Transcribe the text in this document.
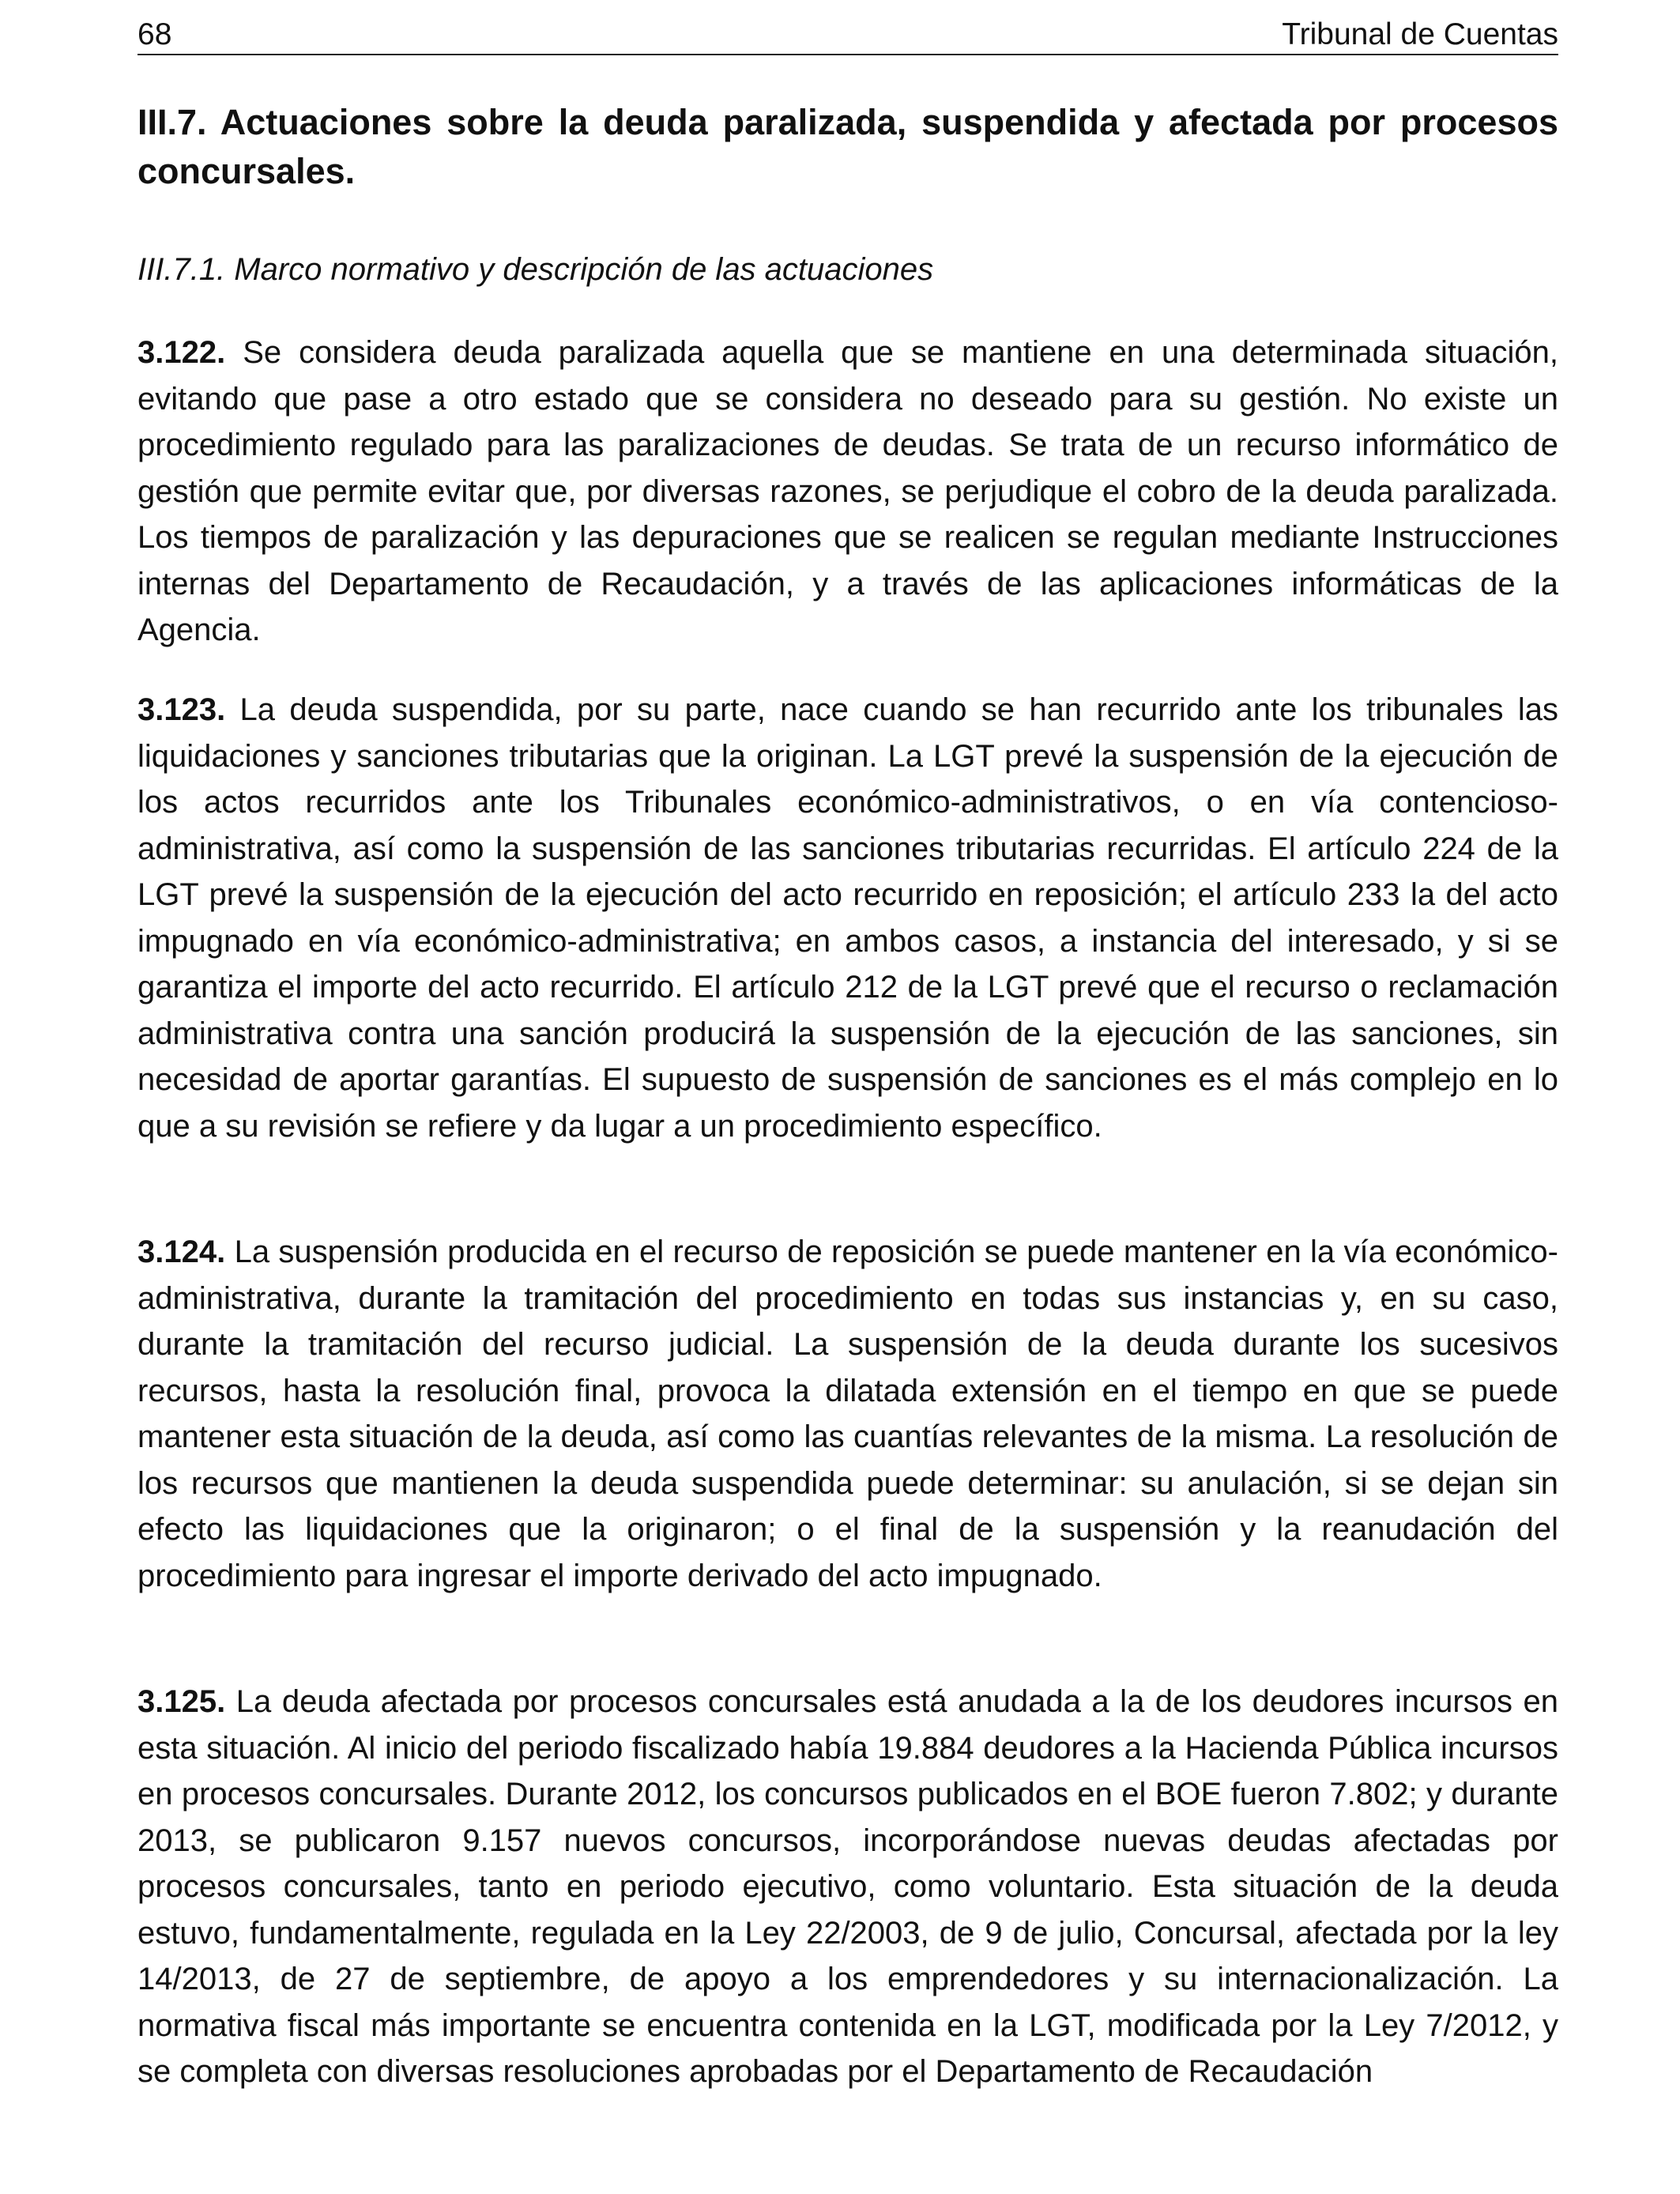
68	Tribunal de Cuentas
III.7. Actuaciones sobre la deuda paralizada, suspendida y afectada por procesos concursales.
III.7.1. Marco normativo y descripción de las actuaciones

3.122. Se considera deuda paralizada aquella que se mantiene en una determinada situación, evitando que pase a otro estado que se considera no deseado para su gestión. No existe un procedimiento regulado para las paralizaciones de deudas. Se trata de un recurso informático de gestión que permite evitar que, por diversas razones, se perjudique el cobro de la deuda paralizada. Los tiempos de paralización y las depuraciones que se realicen se regulan mediante Instrucciones internas del Departamento de Recaudación, y a través de las aplicaciones informáticas de la Agencia.

3.123. La deuda suspendida, por su parte, nace cuando se han recurrido ante los tribunales las liquidaciones y sanciones tributarias que la originan. La LGT prevé la suspensión de la ejecución de los actos recurridos ante los Tribunales económico-administrativos, o en vía contencioso-administrativa, así como la suspensión de las sanciones tributarias recurridas. El artículo 224 de la LGT prevé la suspensión de la ejecución del acto recurrido en reposición; el artículo 233 la del acto impugnado en vía económico-administrativa; en ambos casos, a instancia del interesado, y si se garantiza el importe del acto recurrido. El artículo 212 de la LGT prevé que el recurso o reclamación administrativa contra una sanción producirá la suspensión de la ejecución de las sanciones, sin necesidad de aportar garantías. El supuesto de suspensión de sanciones es el más complejo en lo que a su revisión se refiere y da lugar a un procedimiento específico.

3.124. La suspensión producida en el recurso de reposición se puede mantener en la vía económico-administrativa, durante la tramitación del procedimiento en todas sus instancias y, en su caso, durante la tramitación del recurso judicial. La suspensión de la deuda durante los sucesivos recursos, hasta la resolución final, provoca la dilatada extensión en el tiempo en que se puede mantener esta situación de la deuda, así como las cuantías relevantes de la misma. La resolución de los recursos que mantienen la deuda suspendida puede determinar: su anulación, si se dejan sin efecto las liquidaciones que la originaron; o el final de la suspensión y la reanudación del procedimiento para ingresar el importe derivado del acto impugnado.

3.125. La deuda afectada por procesos concursales está anudada a la de los deudores incursos en esta situación. Al inicio del periodo fiscalizado había 19.884 deudores a la Hacienda Pública incursos en procesos concursales. Durante 2012, los concursos publicados en el BOE fueron 7.802; y durante 2013, se publicaron 9.157 nuevos concursos, incorporándose nuevas deudas afectadas por procesos concursales, tanto en periodo ejecutivo, como voluntario. Esta situación de la deuda estuvo, fundamentalmente, regulada en la Ley 22/2003, de 9 de julio, Concursal, afectada por la ley 14/2013, de 27 de septiembre, de apoyo a los emprendedores y su internacionalización. La normativa fiscal más importante se encuentra contenida en la LGT, modificada por la Ley 7/2012, y se completa con diversas resoluciones aprobadas por el Departamento de Recaudación
